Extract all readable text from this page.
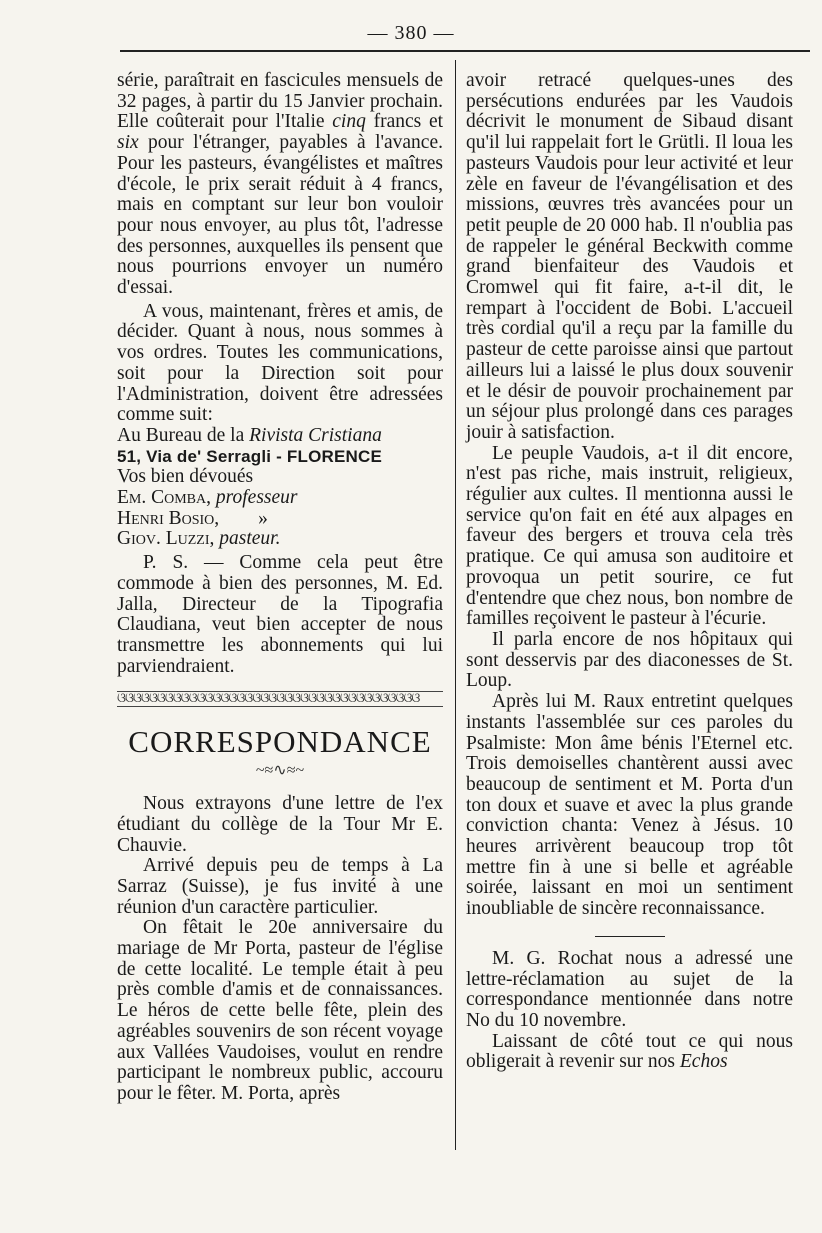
— 380 —

série, paraîtrait en fascicules mensuels de 32 pages, à partir du 15 Janvier prochain. Elle coûterait pour l'Italie cinq francs et six pour l'étranger, payables à l'avance. Pour les pasteurs, évangélistes et maîtres d'école, le prix serait réduit à 4 francs, mais en comptant sur leur bon vouloir pour nous envoyer, au plus tôt, l'adresse des personnes, auxquelles ils pensent que nous pourrions envoyer un numéro d'essai.

A vous, maintenant, frères et amis, de décider. Quant à nous, nous sommes à vos ordres. Toutes les communications, soit pour la Direction soit pour l'Administration, doivent être adressées comme suit:

Au Bureau de la Rivista Cristiana

51, Via de' Serragli - FLORENCE

Vos bien dévoués

Em. Comba, professeur

Henri Bosio, »

Giov. Luzzi, pasteur.

P. S. — Comme cela peut être commode à bien des personnes, M. Ed. Jalla, Directeur de la Tipografia Claudiana, veut bien accepter de nous transmettre les abonnements qui lui parviendraient.

ଓଓଓଓଓଓଓଓଓଓଓଓଓଓଓଓଓଓଓଓଓଓଓଓଓଓଓଓଓଓଓଓଓଓଓଓଓଓ
CORRESPONDANCE
~≈∿≈~

Nous extrayons d'une lettre de l'ex étudiant du collège de la Tour Mr E. Chauvie.

Arrivé depuis peu de temps à La Sarraz (Suisse), je fus invité à une réunion d'un caractère particulier.

On fêtait le 20e anniversaire du mariage de Mr Porta, pasteur de l'église de cette localité. Le temple était à peu près comble d'amis et de connaissances. Le héros de cette belle fête, plein des agréables souvenirs de son récent voyage aux Vallées Vaudoises, voulut en rendre participant le nombreux public, accouru pour le fêter. M. Porta, après

avoir retracé quelques-unes des persécutions endurées par les Vaudois décrivit le monument de Sibaud disant qu'il lui rappelait fort le Grütli. Il loua les pasteurs Vaudois pour leur activité et leur zèle en faveur de l'évangélisation et des missions, œuvres très avancées pour un petit peuple de 20 000 hab. Il n'oublia pas de rappeler le général Beckwith comme grand bienfaiteur des Vaudois et Cromwel qui fit faire, a-t-il dit, le rempart à l'occident de Bobi. L'accueil très cordial qu'il a reçu par la famille du pasteur de cette paroisse ainsi que partout ailleurs lui a laissé le plus doux souvenir et le désir de pouvoir prochainement par un séjour plus prolongé dans ces parages jouir à satisfaction.

Le peuple Vaudois, a-t il dit encore, n'est pas riche, mais instruit, religieux, régulier aux cultes. Il mentionna aussi le service qu'on fait en été aux alpages en faveur des bergers et trouva cela très pratique. Ce qui amusa son auditoire et provoqua un petit sourire, ce fut d'entendre que chez nous, bon nombre de familles reçoivent le pasteur à l'écurie.

Il parla encore de nos hôpitaux qui sont desservis par des diaconesses de St. Loup.

Après lui M. Raux entretint quelques instants l'assemblée sur ces paroles du Psalmiste: Mon âme bénis l'Eternel etc. Trois demoiselles chantèrent aussi avec beaucoup de sentiment et M. Porta d'un ton doux et suave et avec la plus grande conviction chanta: Venez à Jésus. 10 heures arrivèrent beaucoup trop tôt mettre fin à une si belle et agréable soirée, laissant en moi un sentiment inoubliable de sincère reconnaissance.

M. G. Rochat nous a adressé une lettre-réclamation au sujet de la correspondance mentionnée dans notre No du 10 novembre.

Laissant de côté tout ce qui nous obligerait à revenir sur nos Echos
